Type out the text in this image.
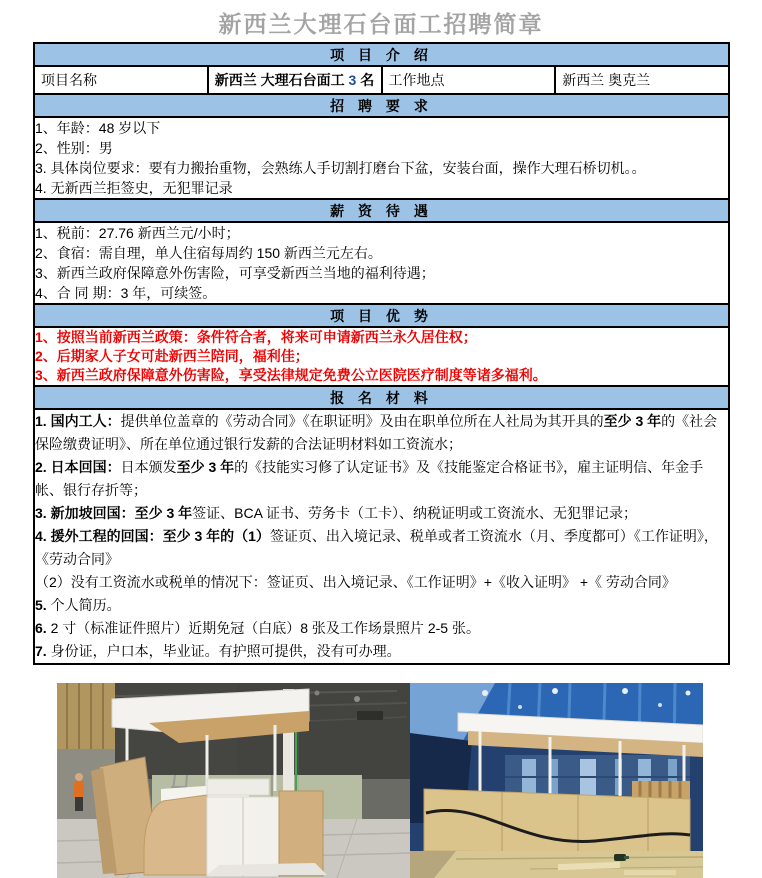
新西兰大理石台面工招聘简章
项 目 介 绍
项目名称	新西兰 大理石台面工 3 名	工作地点	新西兰 奥克兰
招 聘 要 求

1、年龄：48 岁以下
2、性别：男
3. 具体岗位要求：要有力搬抬重物，会熟练人手切割打磨台下盆，安装台面，操作大理石桥切机。。
4. 无新西兰拒签史，无犯罪记录

薪 资 待 遇

1、税前：27.76 新西兰元/小时；
2、食宿：需自理，单人住宿每周约 150 新西兰元左右。
3、新西兰政府保障意外伤害险，可享受新西兰当地的福利待遇；
4、合 同 期：3 年，可续签。

项 目 优 势

1、按照当前新西兰政策：条件符合者，将来可申请新西兰永久居住权；
2、后期家人子女可赴新西兰陪同，福利佳；
3、新西兰政府保障意外伤害险，享受法律规定免费公立医院医疗制度等诸多福利。

报 名 材 料

1. 国内工人：提供单位盖章的《劳动合同》《在职证明》及由在职单位所在人社局为其开具的至少 3 年的《社会保险缴费证明》、所在单位通过银行发薪的合法证明材料如工资流水；
2. 日本回国：日本颁发至少 3 年的《技能实习修了认定证书》及《技能鉴定合格证书》，雇主证明信、年金手帐、银行存折等；
3. 新加坡回国：至少 3 年签证、BCA 证书、劳务卡（工卡）、纳税证明或工资流水、无犯罪记录；
4. 援外工程的回国：至少 3 年的（1）签证页、出入境记录、税单或者工资流水（月、季度都可）《工作证明》，《劳动合同》
（2）没有工资流水或税单的情况下：签证页、出入境记录、《工作证明》+《收入证明》 +《 劳动合同》
5. 个人简历。
6. 2 寸（标准证件照片）近期免冠（白底）8 张及工作场景照片 2-5 张。
7. 身份证，户口本，毕业证。有护照可提供，没有可办理。
